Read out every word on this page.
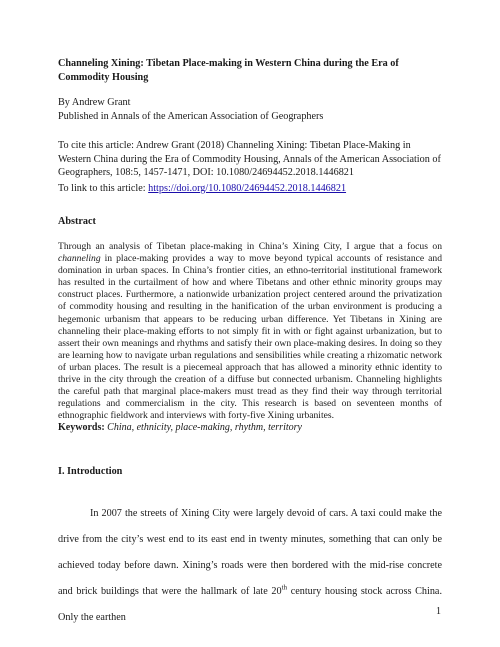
Channeling Xining: Tibetan Place-making in Western China during the Era of Commodity Housing

By Andrew Grant
Published in Annals of the American Association of Geographers

To cite this article: Andrew Grant (2018) Channeling Xining: Tibetan Place-Making in Western China during the Era of Commodity Housing, Annals of the American Association of Geographers, 108:5, 1457-1471, DOI: 10.1080/24694452.2018.1446821

To link to this article: https://doi.org/10.1080/24694452.2018.1446821

Abstract

Through an analysis of Tibetan place-making in China’s Xining City, I argue that a focus on channeling in place-making provides a way to move beyond typical accounts of resistance and domination in urban spaces. In China’s frontier cities, an ethno-territorial institutional framework has resulted in the curtailment of how and where Tibetans and other ethnic minority groups may construct places. Furthermore, a nationwide urbanization project centered around the privatization of commodity housing and resulting in the hanification of the urban environment is producing a hegemonic urbanism that appears to be reducing urban difference. Yet Tibetans in Xining are channeling their place-making efforts to not simply fit in with or fight against urbanization, but to assert their own meanings and rhythms and satisfy their own place-making desires. In doing so they are learning how to navigate urban regulations and sensibilities while creating a rhizomatic network of urban places. The result is a piecemeal approach that has allowed a minority ethnic identity to thrive in the city through the creation of a diffuse but connected urbanism. Channeling highlights the careful path that marginal place-makers must tread as they find their way through territorial regulations and commercialism in the city. This research is based on seventeen months of ethnographic fieldwork and interviews with forty-five Xining urbanites.

Keywords: China, ethnicity, place-making, rhythm, territory

I. Introduction

In 2007 the streets of Xining City were largely devoid of cars. A taxi could make the drive from the city’s west end to its east end in twenty minutes, something that can only be achieved today before dawn. Xining’s roads were then bordered with the mid-rise concrete and brick buildings that were the hallmark of late 20th century housing stock across China. Only the earthen

1
